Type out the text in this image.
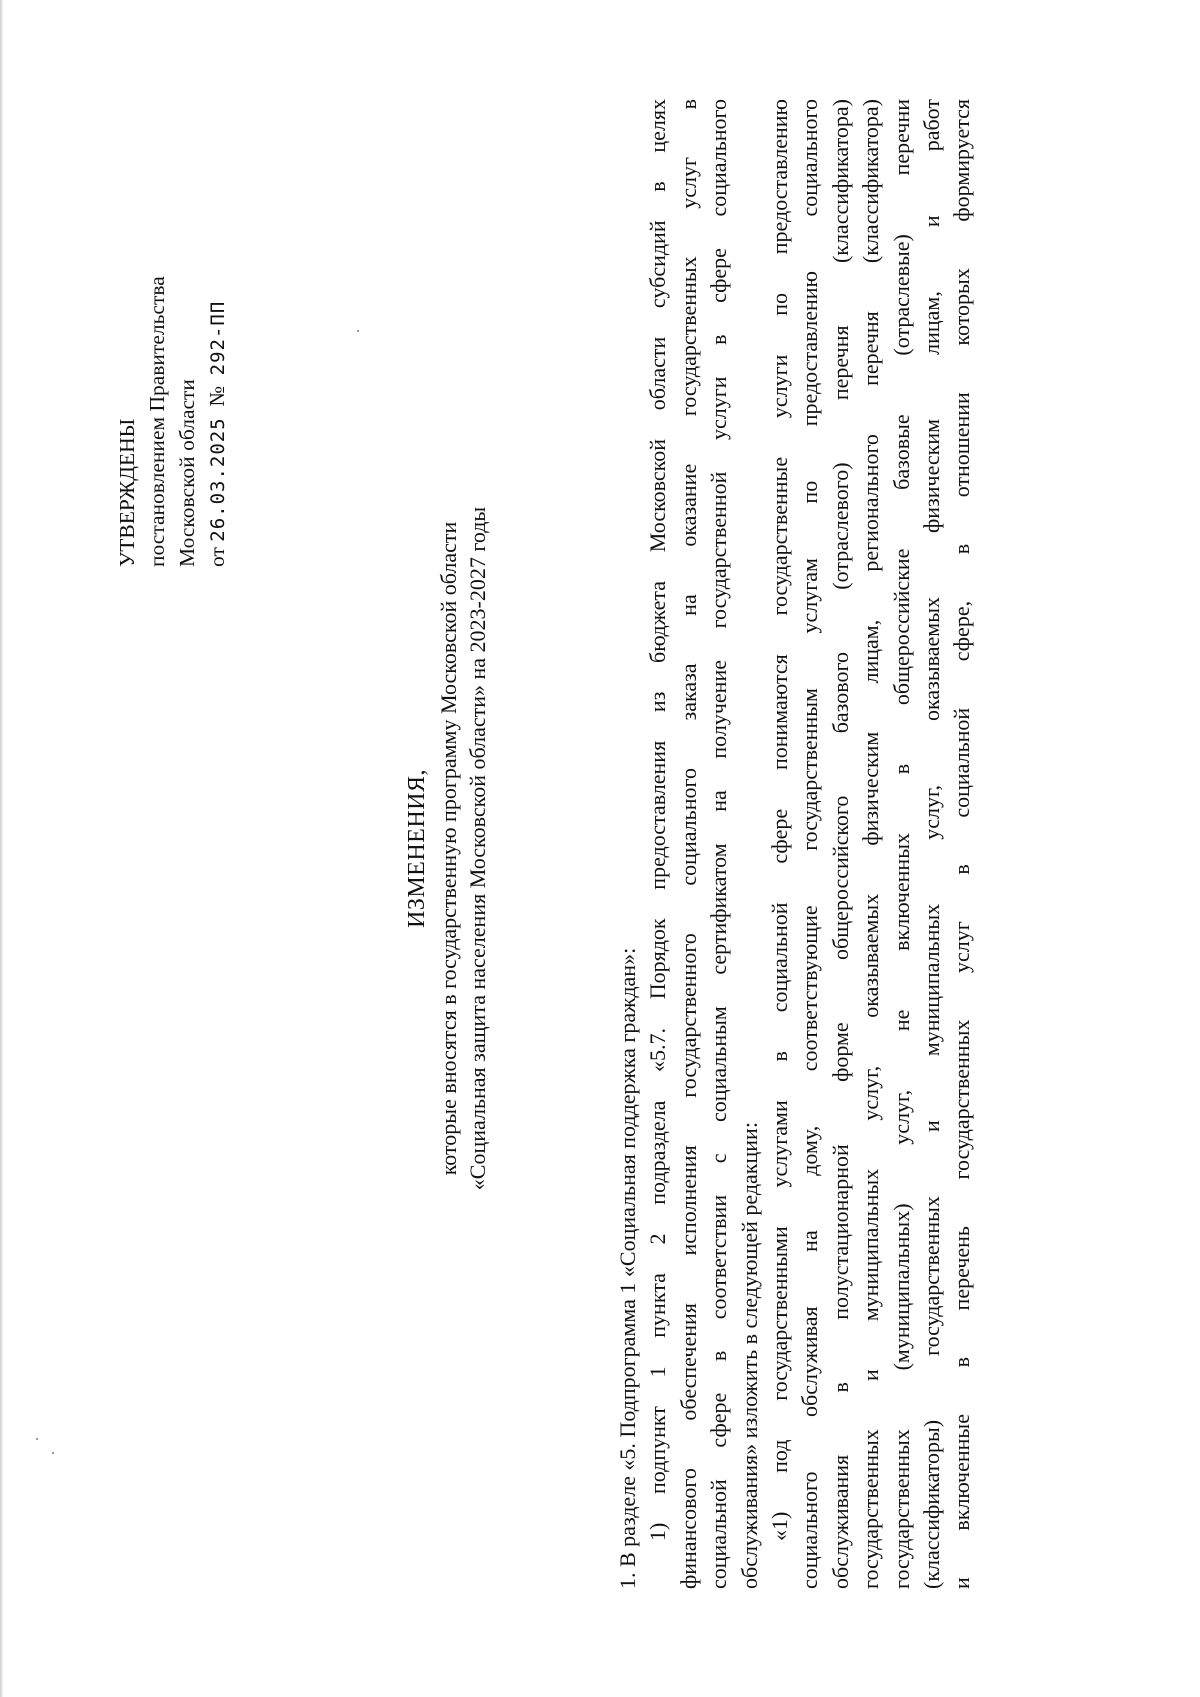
УТВЕРЖДЕНЫ постановлением Правительства Московской области от 26.03.2025  №  292-ПП
ИЗМЕНЕНИЯ, которые вносятся в государственную программу Московской области «Социальная защита населения Московской области» на 2023-2027 годы

1. В разделе «5. Подпрограмма 1 «Социальная поддержка граждан»: 1) подпункт 1 пункта 2 подраздела «5.7. Порядок предоставления из бюджета Московской области субсидий в целях финансового обеспечения исполнения государственного социального заказа на оказание государственных услуг в социальной сфере в соответствии с социальным сертификатом на получение государственной услуги в сфере социального обслуживания» изложить в следующей редакции: «1) под государственными услугами в социальной сфере понимаются государственные услуги по предоставлению социального обслуживая на дому, соответствующие государственным услугам по предоставлению социального обслуживания в полустационарной форме общероссийского базового (отраслевого) перечня (классификатора) государственных и муниципальных услуг, оказываемых физическим лицам, регионального перечня (классификатора) государственных (муниципальных) услуг, не включенных в общероссийские базовые (отраслевые) перечни (классификаторы) государственных и муниципальных услуг, оказываемых физическим лицам, и работ и включенные в перечень государственных услуг в социальной сфере, в отношении которых формируется
